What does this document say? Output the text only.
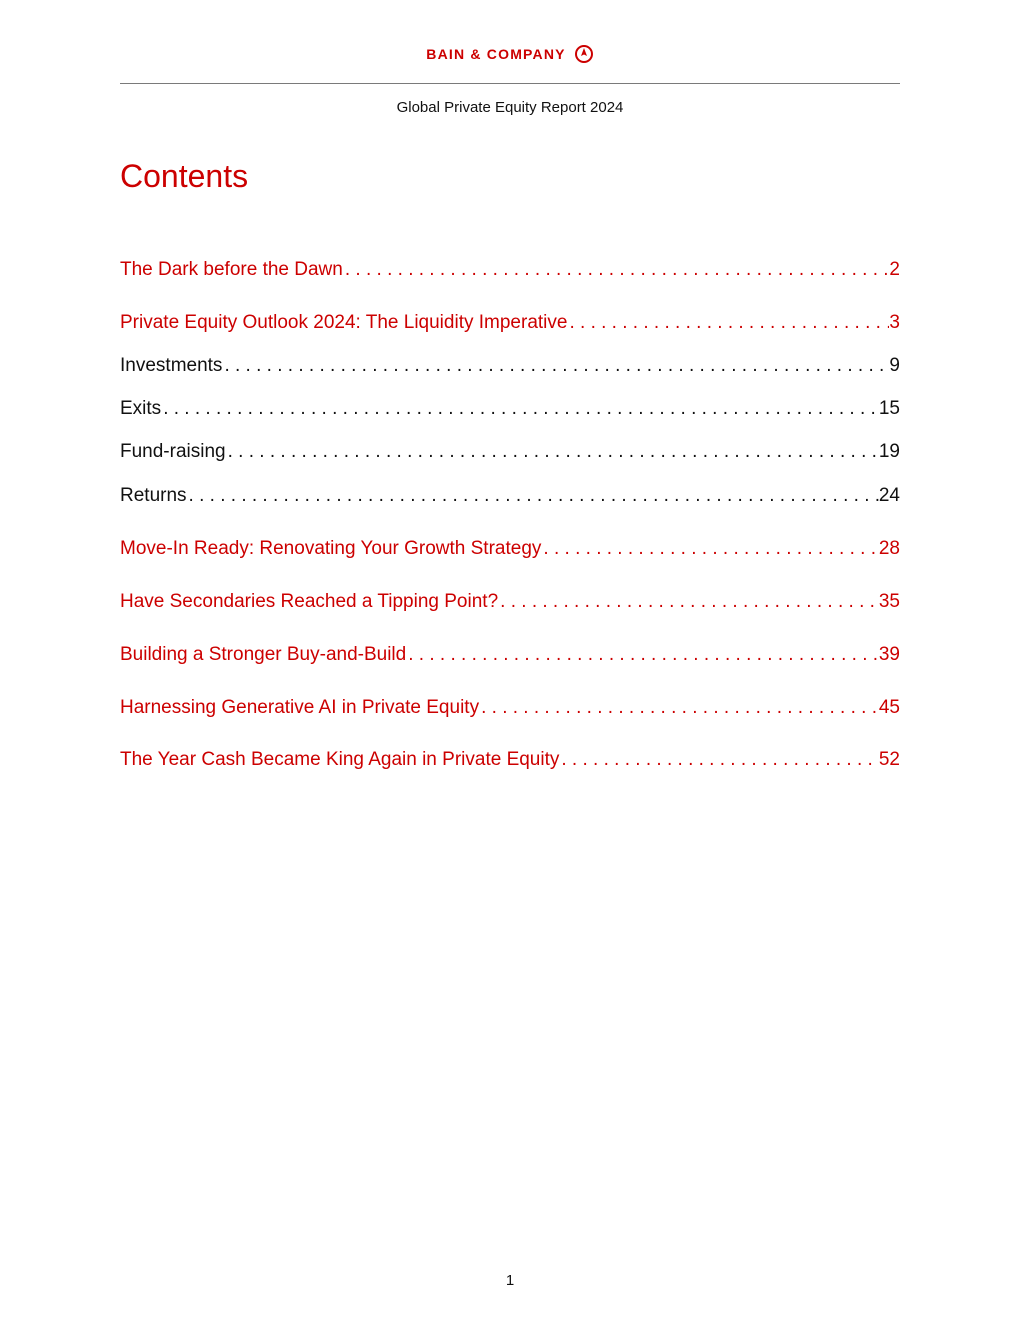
BAIN & COMPANY
Global Private Equity Report 2024
Contents
The Dark before the Dawn . . .	2
Private Equity Outlook 2024: The Liquidity Imperative . . .	3
Investments . . .	9
Exits . . .	15
Fund-raising . . .	19
Returns . . .	24
Move-In Ready: Renovating Your Growth Strategy . . .	28
Have Secondaries Reached a Tipping Point? . . .	35
Building a Stronger Buy-and-Build . . .	39
Harnessing Generative AI in Private Equity . . .	45
The Year Cash Became King Again in Private Equity . . .	52
1
